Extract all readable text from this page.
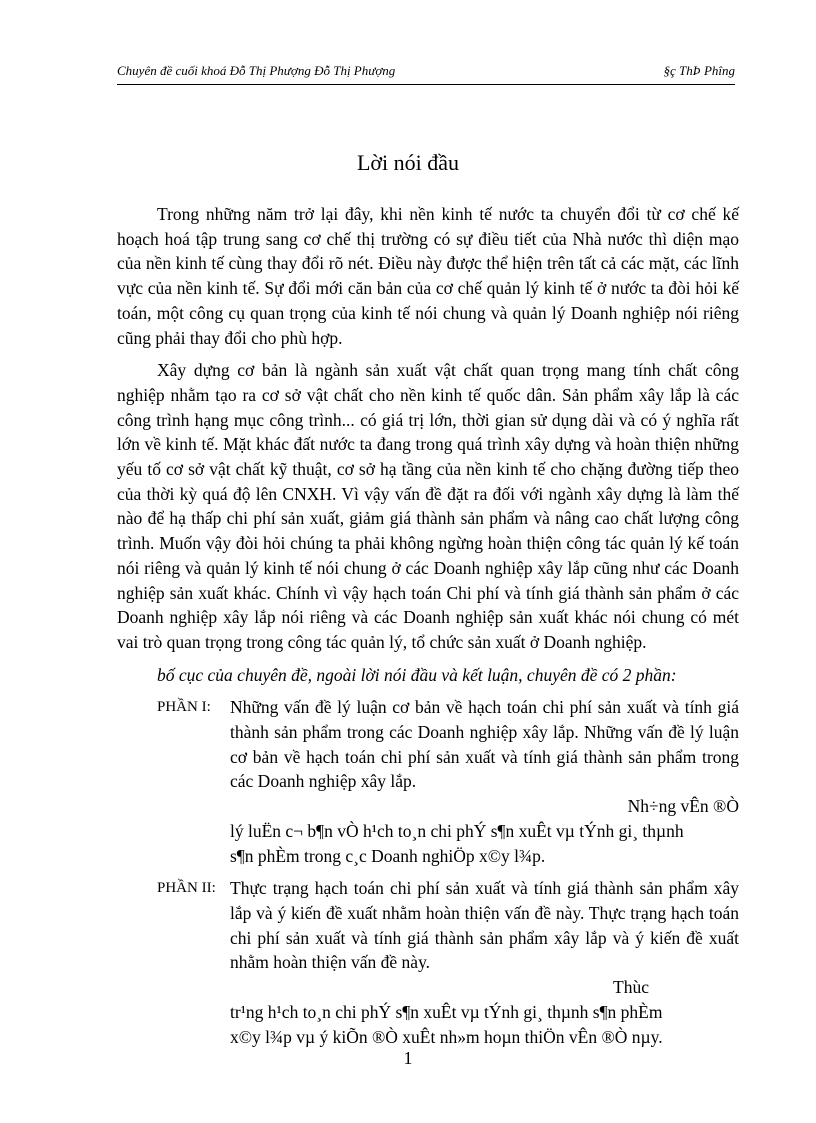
Chuyên đề cuối khoá Đỗ Thị Phượng Đỗ Thị Phượng	§ç ThÞ Phîng
Lời nói đầu

Trong những năm trở lại đây, khi nền kinh tế nước ta chuyển đổi từ cơ chế kế hoạch hoá tập trung sang cơ chế thị trường có sự điều tiết của Nhà nước thì diện mạo của nền kinh tế cùng thay đổi rõ nét. Điều này được thể hiện trên tất cả các mặt, các lĩnh vực của nền kinh tế. Sự đổi mới căn bản của cơ chế quản lý kinh tế ở nước ta đòi hỏi kế toán, một công cụ quan trọng của kinh tế nói chung và quản lý Doanh nghiệp nói riêng cũng phải thay đổi cho phù hợp.

Xây dựng cơ bản là ngành sản xuất vật chất quan trọng mang tính chất công nghiệp nhằm tạo ra cơ sở vật chất cho nền kinh tế quốc dân. Sản phẩm xây lắp là các công trình hạng mục công trình... có giá trị lớn, thời gian sử dụng dài và có ý nghĩa rất lớn về kinh tế. Mặt khác đất nước ta đang trong quá trình xây dựng và hoàn thiện những yếu tố cơ sở vật chất kỹ thuật, cơ sở hạ tầng của nền kinh tế cho chặng đường tiếp theo của thời kỳ quá độ lên CNXH. Vì vậy vấn đề đặt ra đối với ngành xây dựng là làm thế nào để hạ thấp chi phí sản xuất, giảm giá thành sản phẩm và nâng cao chất lượng công trình. Muốn vậy đòi hỏi chúng ta phải không ngừng hoàn thiện công tác quản lý kế toán nói riêng và quản lý kinh tế nói chung ở các Doanh nghiệp xây lắp cũng như các Doanh nghiệp sản xuất khác. Chính vì vậy hạch toán Chi phí và tính giá thành sản phẩm ở các Doanh nghiệp xây lắp nói riêng và các Doanh nghiệp sản xuất khác nói chung có mét vai trò quan trọng trong công tác quản lý, tổ chức sản xuất ở Doanh nghiệp.

bố cục của chuyên đề, ngoài lời nói đầu và kết luận, chuyên đề có 2 phần:

PHẦN I: Những vấn đề lý luận cơ bản về hạch toán chi phí sản xuất và tính giá thành sản phẩm trong các Doanh nghiệp xây lắp. Những vấn đề lý luận cơ bản về hạch toán chi phí sản xuất và tính giá thành sản phẩm trong các Doanh nghiệp xây lắp.
Nh÷ng vÊn ®Ò
lý luËn c¬ b¶n vÒ h¹ch to¸n chi phÝ s¶n xuÊt vµ tÝnh gi¸ thµnh
s¶n phÈm trong c¸c Doanh nghiÖp x©y l¾p.
PHẦN II: Thực trạng hạch toán chi phí sản xuất và tính giá thành sản phẩm xây lắp và ý kiến đề xuất nhằm hoàn thiện vấn đề này. Thực trạng hạch toán chi phí sản xuất và tính giá thành sản phẩm xây lắp và ý kiến đề xuất nhằm hoàn thiện vấn đề này.
Thùc
tr¹ng h¹ch to¸n chi phÝ s¶n xuÊt vµ tÝnh gi¸ thµnh s¶n phÈm
x©y l¾p vµ ý kiÕn ®Ò xuÊt nh»m hoµn thiÖn vÊn ®Ò nµy.
1
